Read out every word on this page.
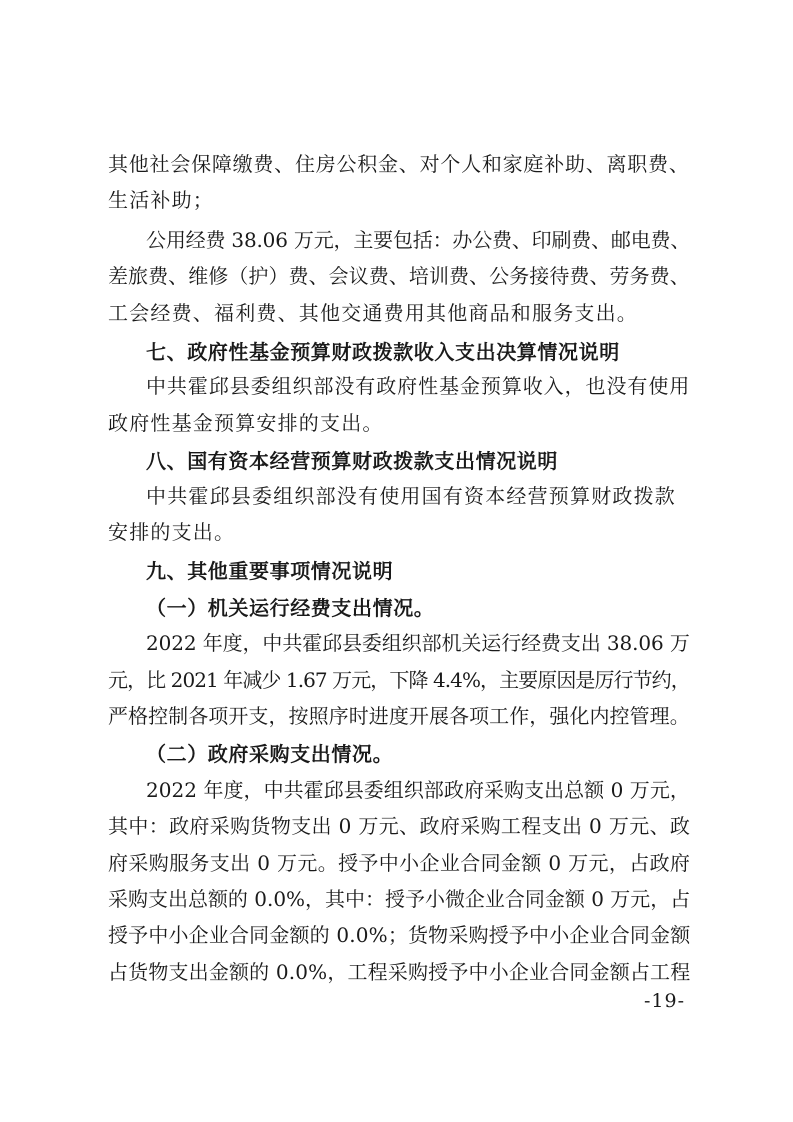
其他社会保障缴费、住房公积金、对个人和家庭补助、离职费、
生活补助；
公用经费 38.06 万元，主要包括：办公费、印刷费、邮电费、
差旅费、维修（护）费、会议费、培训费、公务接待费、劳务费、
工会经费、福利费、其他交通费用其他商品和服务支出。
七、政府性基金预算财政拨款收入支出决算情况说明
中共霍邱县委组织部没有政府性基金预算收入，也没有使用
政府性基金预算安排的支出。
八、国有资本经营预算财政拨款支出情况说明
中共霍邱县委组织部没有使用国有资本经营预算财政拨款
安排的支出。
九、其他重要事项情况说明
（一）机关运行经费支出情况。
2022 年度，中共霍邱县委组织部机关运行经费支出 38.06 万
元，比 2021 年减少 1.67 万元，下降 4.4%，主要原因是厉行节约，
严格控制各项开支，按照序时进度开展各项工作，强化内控管理。
（二）政府采购支出情况。
2022 年度，中共霍邱县委组织部政府采购支出总额 0 万元，
其中：政府采购货物支出 0 万元、政府采购工程支出 0 万元、政
府采购服务支出 0 万元。授予中小企业合同金额 0 万元，占政府
采购支出总额的 0.0%，其中：授予小微企业合同金额 0 万元，占
授予中小企业合同金额的 0.0%；货物采购授予中小企业合同金额
占货物支出金额的 0.0%，工程采购授予中小企业合同金额占工程
-19-
